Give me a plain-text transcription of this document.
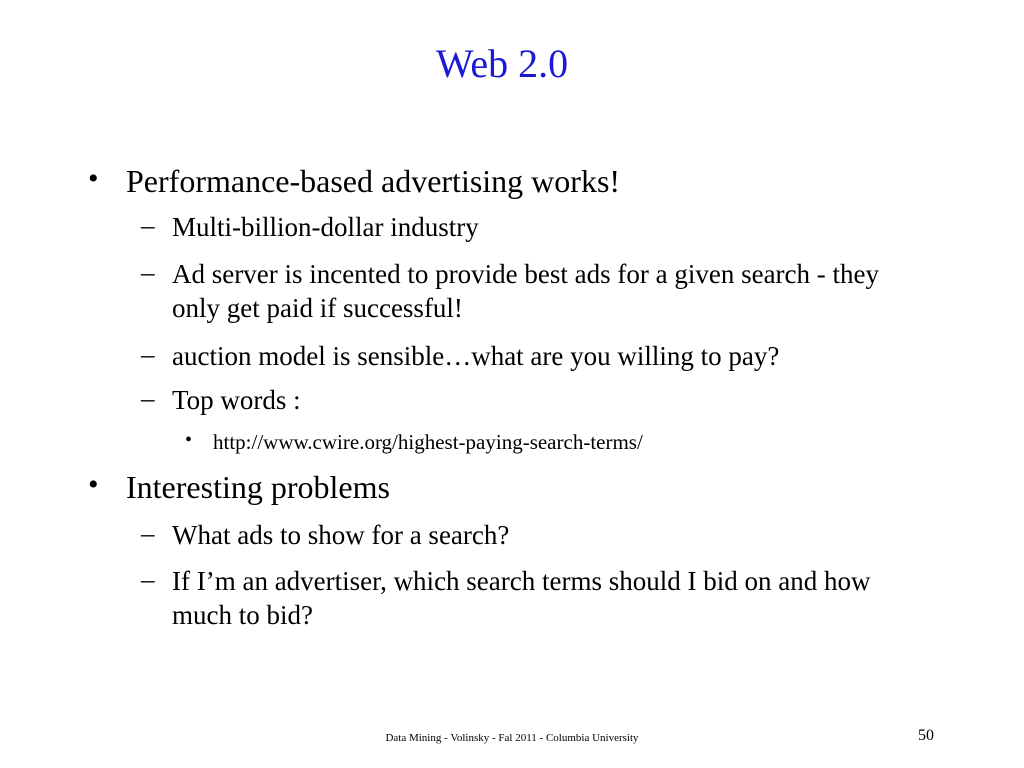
Web 2.0
• Performance-based advertising works!
– Multi-billion-dollar industry
– Ad server is incented to provide best ads for a given search - they only get paid if successful!
– auction model is sensible…what are you willing to pay?
– Top words :
• http://www.cwire.org/highest-paying-search-terms/
• Interesting problems
– What ads to show for a search?
– If I’m an advertiser, which search terms should I bid on and how much to bid?
Data Mining - Volinsky - Fal 2011 - Columbia University	50
